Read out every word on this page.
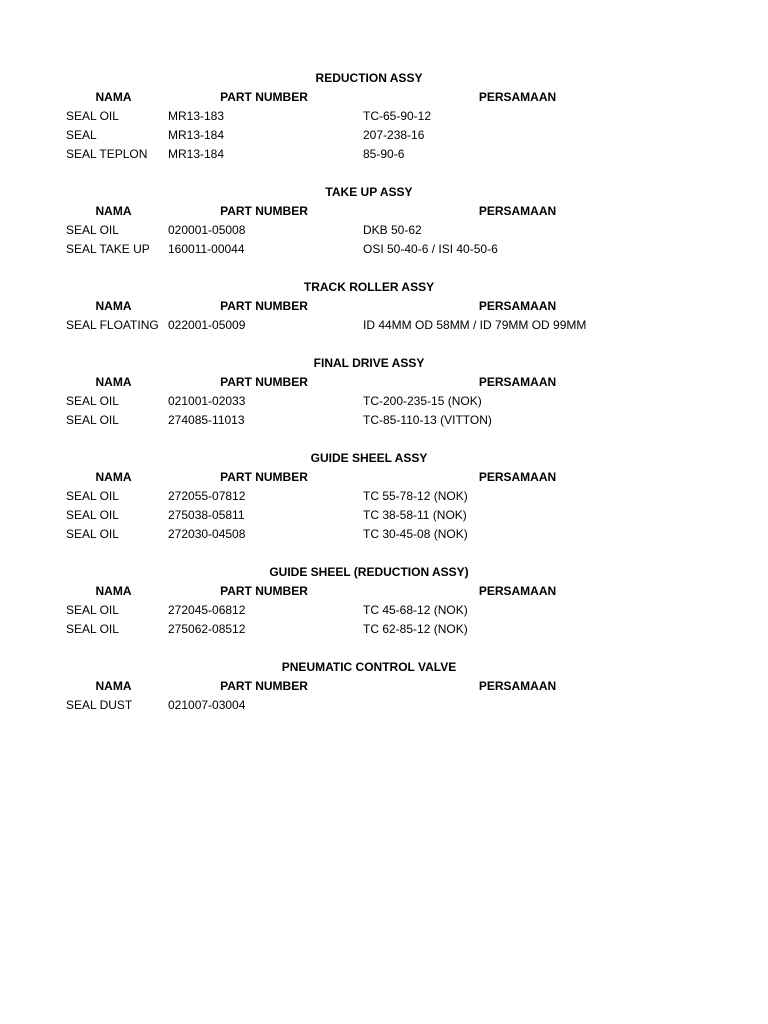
REDUCTION ASSY
NAMA	PART NUMBER	PERSAMAAN
SEAL OIL	MR13-183	TC-65-90-12
SEAL	MR13-184	207-238-16
SEAL TEPLON MR13-184	85-90-6
TAKE UP ASSY
NAMA	PART NUMBER	PERSAMAAN
SEAL OIL	020001-05008	DKB 50-62
SEAL TAKE UP 160011-00044	OSI 50-40-6 / ISI 40-50-6
TRACK ROLLER ASSY
NAMA	PART NUMBER	PERSAMAAN
SEAL FLOATING 022001-05009	ID 44MM OD 58MM / ID 79MM OD 99MM
FINAL DRIVE ASSY
NAMA	PART NUMBER	PERSAMAAN
SEAL OIL	021001-02033	TC-200-235-15 (NOK)
SEAL OIL	274085-11013	TC-85-110-13 (VITTON)
GUIDE SHEEL ASSY
NAMA	PART NUMBER	PERSAMAAN
SEAL OIL	272055-07812	TC 55-78-12 (NOK)
SEAL OIL	275038-05811	TC 38-58-11 (NOK)
SEAL OIL	272030-04508	TC 30-45-08 (NOK)
GUIDE SHEEL (REDUCTION ASSY)
NAMA	PART NUMBER	PERSAMAAN
SEAL OIL	272045-06812	TC 45-68-12 (NOK)
SEAL OIL	275062-08512	TC 62-85-12 (NOK)
PNEUMATIC CONTROL VALVE
NAMA	PART NUMBER	PERSAMAAN
SEAL DUST	021007-03004
